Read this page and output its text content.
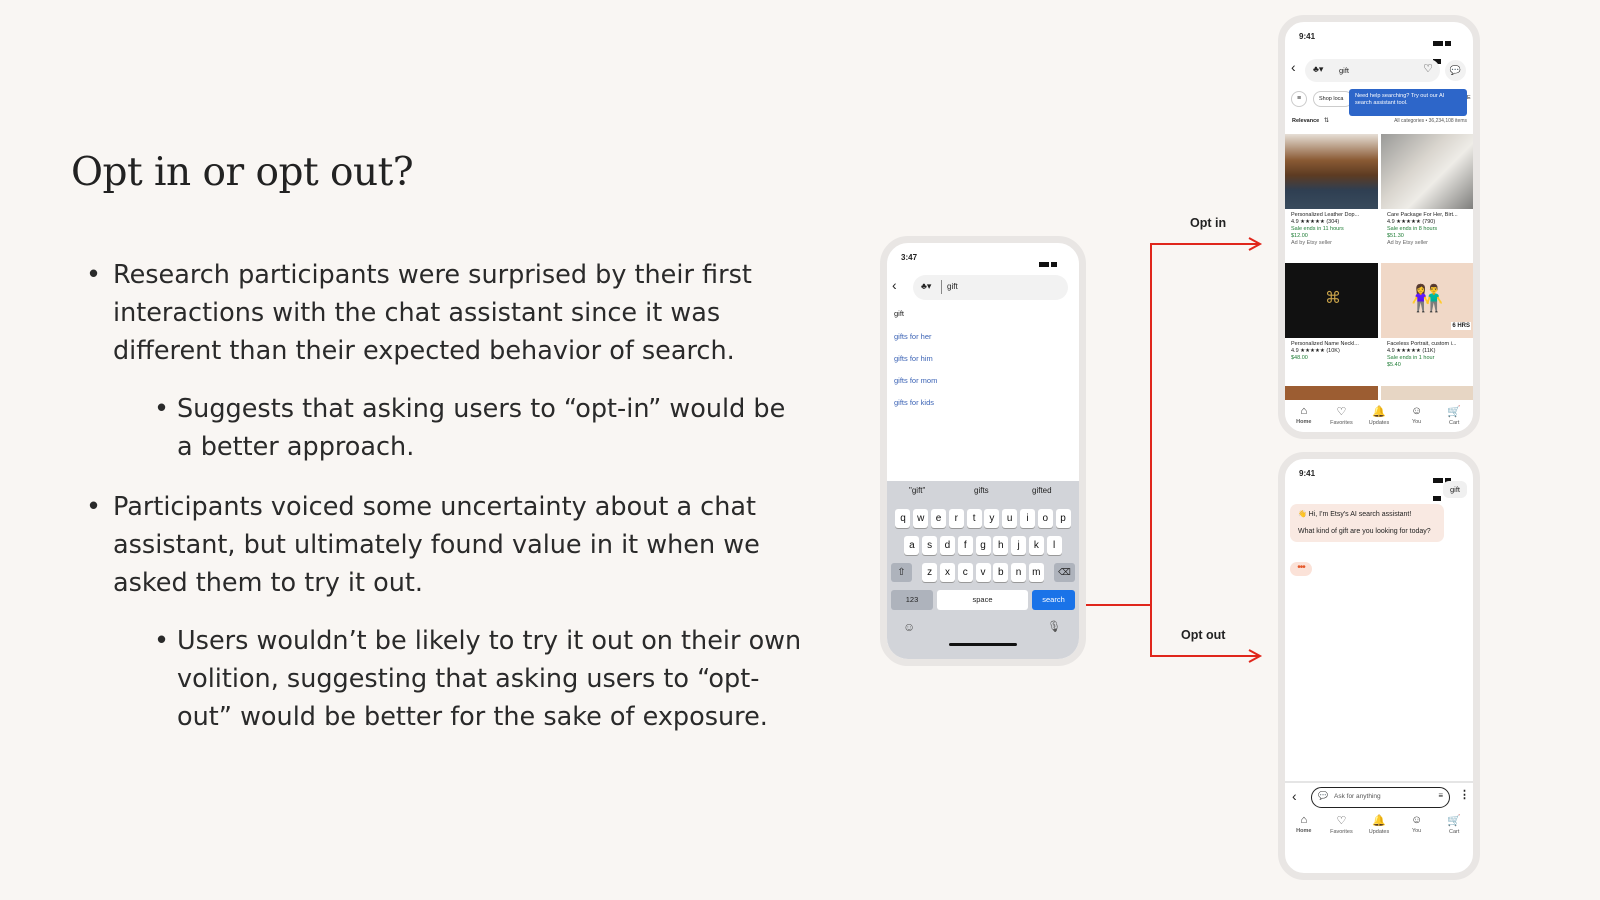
Opt in or opt out?
• Research participants were surprised by their first interactions with the chat assistant since it was different than their expected behavior of search.
• Suggests that asking users to “opt-in” would be a better approach.
• Participants voiced some uncertainty about a chat assistant, but ultimately found value in it when we asked them to try it out.
• Users wouldn’t be likely to try it out on their own volition, suggesting that asking users to “opt-out” would be better for the sake of exposure.
Opt in
Opt out
3:47
‹	♣▾ gift
gift
gifts for her
gifts for him
gifts for mom
gifts for kids
"gift"	gifts	gifted
q	w	e	r	t	y	u	i	o	p
a	s	d	f	g	h	j	k	l
z	x	c	v	b	n	m
⇧	⌫
123	space	search
☺	🎙
9:41
‹ ♣▾ gift	♡	💬
≡	Shop loca	E
Need help searching? Try out our AI search assistant tool.
Relevance ⇅	All categories • 36,234,108 items
Personalized Leather Dop...
4.9 ★★★★★ (304)
Sale ends in 11 hours
$12.00
Ad by Etsy seller
Care Package For Her, Birt...
4.9 ★★★★★ (790)
Sale ends in 8 hours
$51.30
Ad by Etsy seller
⌘	👫
6 HRS
Personalized Name Neckl...
4.9 ★★★★★ (10K)
$48.00
Faceless Portrait, custom i...
4.9 ★★★★★ (11K)
Sale ends in 1 hour
$5.40
⌂
Home
♡
Favorites
🔔
Updates
☺
You
🛒
Cart
9:41
gift
👋 Hi, I'm Etsy's AI search assistant!
What kind of gift are you looking for today?
•••
‹	💬 Ask for anything	≡ ⋮
⌂
Home
♡
Favorites
🔔
Updates
☺
You
🛒
Cart
